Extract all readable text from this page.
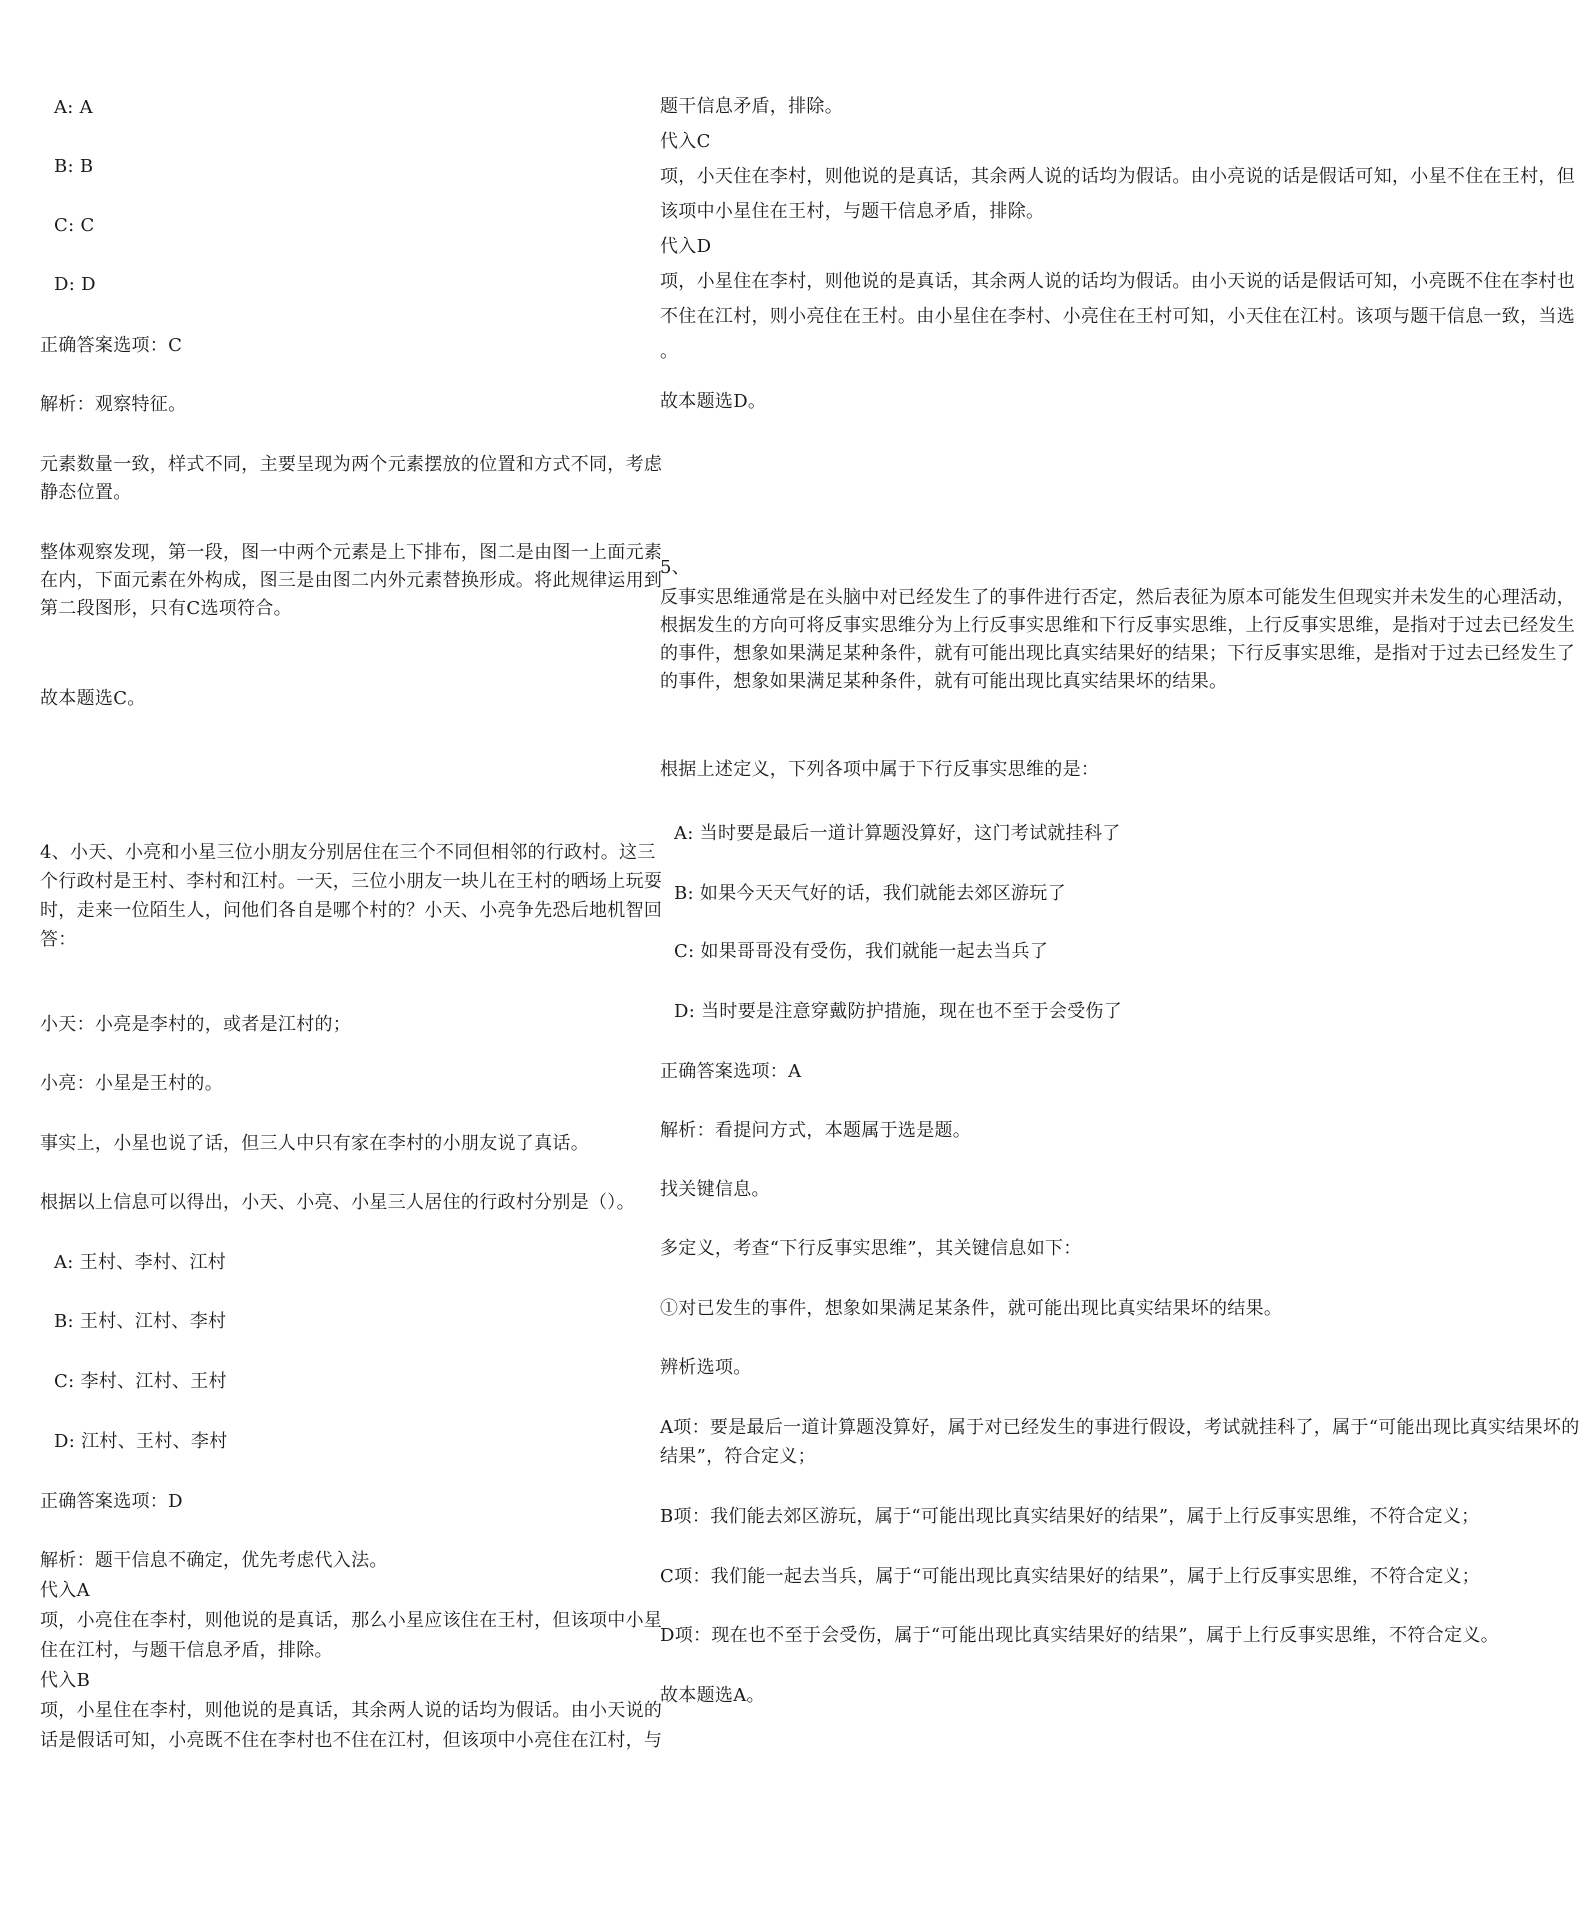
A: A
B: B
C: C
D: D
正确答案选项：C
解析：观察特征。
元素数量一致，样式不同，主要呈现为两个元素摆放的位置和方式不同，考虑
静态位置。
整体观察发现，第一段，图一中两个元素是上下排布，图二是由图一上面元素
在内，下面元素在外构成，图三是由图二内外元素替换形成。将此规律运用到
第二段图形，只有C选项符合。
故本题选C。
4、小天、小亮和小星三位小朋友分别居住在三个不同但相邻的行政村。这三
个行政村是王村、李村和江村。一天，三位小朋友一块儿在王村的晒场上玩耍
时，走来一位陌生人，问他们各自是哪个村的？小天、小亮争先恐后地机智回
答：
小天：小亮是李村的，或者是江村的；
小亮：小星是王村的。
事实上，小星也说了话，但三人中只有家在李村的小朋友说了真话。
根据以上信息可以得出，小天、小亮、小星三人居住的行政村分别是（）。
A: 王村、李村、江村
B: 王村、江村、李村
C: 李村、江村、王村
D: 江村、王村、李村
正确答案选项：D
解析：题干信息不确定，优先考虑代入法。
代入A
项，小亮住在李村，则他说的是真话，那么小星应该住在王村，但该项中小星
住在江村，与题干信息矛盾，排除。
代入B
项，小星住在李村，则他说的是真话，其余两人说的话均为假话。由小天说的
话是假话可知，小亮既不住在李村也不住在江村，但该项中小亮住在江村，与
题干信息矛盾，排除。
代入C
项，小天住在李村，则他说的是真话，其余两人说的话均为假话。由小亮说的话是假话可知，小星不住在王村，但
该项中小星住在王村，与题干信息矛盾，排除。
代入D
项，小星住在李村，则他说的是真话，其余两人说的话均为假话。由小天说的话是假话可知，小亮既不住在李村也
不住在江村，则小亮住在王村。由小星住在李村、小亮住在王村可知，小天住在江村。该项与题干信息一致，当选
。
故本题选D。
5、
反事实思维通常是在头脑中对已经发生了的事件进行否定，然后表征为原本可能发生但现实并未发生的心理活动，
根据发生的方向可将反事实思维分为上行反事实思维和下行反事实思维，上行反事实思维，是指对于过去已经发生
的事件，想象如果满足某种条件，就有可能出现比真实结果好的结果；下行反事实思维，是指对于过去已经发生了
的事件，想象如果满足某种条件，就有可能出现比真实结果坏的结果。
根据上述定义，下列各项中属于下行反事实思维的是：
A: 当时要是最后一道计算题没算好，这门考试就挂科了
B: 如果今天天气好的话，我们就能去郊区游玩了
C: 如果哥哥没有受伤，我们就能一起去当兵了
D: 当时要是注意穿戴防护措施，现在也不至于会受伤了
正确答案选项：A
解析：看提问方式，本题属于选是题。
找关键信息。
多定义，考查“下行反事实思维”，其关键信息如下：
①对已发生的事件，想象如果满足某条件，就可能出现比真实结果坏的结果。
辨析选项。
A项：要是最后一道计算题没算好，属于对已经发生的事进行假设，考试就挂科了，属于“可能出现比真实结果坏的
结果”，符合定义；
B项：我们能去郊区游玩，属于“可能出现比真实结果好的结果”，属于上行反事实思维，不符合定义；
C项：我们能一起去当兵，属于“可能出现比真实结果好的结果”，属于上行反事实思维，不符合定义；
D项：现在也不至于会受伤，属于“可能出现比真实结果好的结果”，属于上行反事实思维，不符合定义。
故本题选A。
